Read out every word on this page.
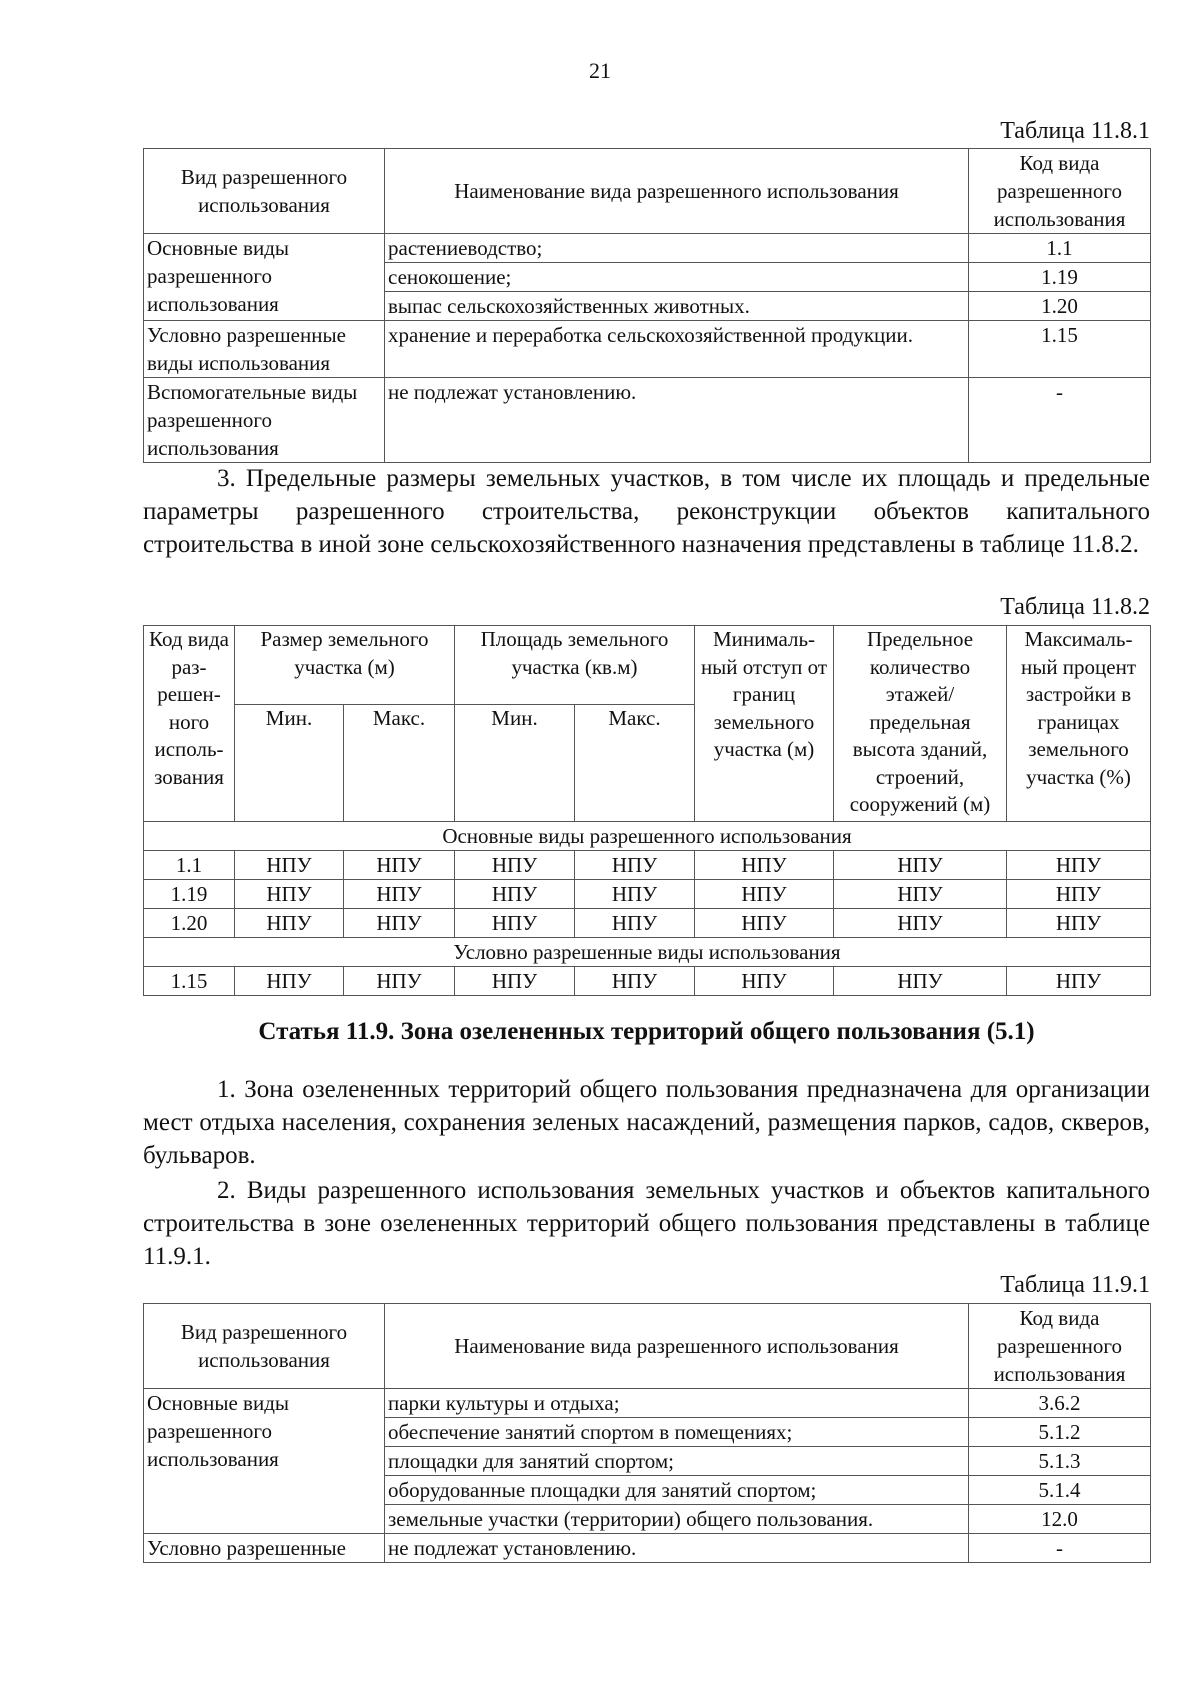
21
Таблица 11.8.1
Вид разрешенного использования	Наименование вида разрешенного использования	Код вида разрешенного использования
Основные виды разрешенного использования	растениеводство;	1.1
	сенокошение;	1.19
	выпас сельскохозяйственных животных.	1.20
Условно разрешенные виды использования	хранение и переработка сельскохозяйственной продукции.	1.15
Вспомогательные виды разрешенного использования	не подлежат установлению.	-

3. Предельные размеры земельных участков, в том числе их площадь и предельные параметры разрешенного строительства, реконструкции объектов капитального строительства в иной зоне сельскохозяйственного назначения представлены в таблице 11.8.2.

Таблица 11.8.2
Код вида раз-решен-ного исполь-зования	Размер земельного участка (м)		Площадь земельного участка (кв.м)		Минималь-ный отступ от границ земельного участка (м)	Предельное количество этажей/ предельная высота зданий, строений, сооружений (м)	Максималь-ный процент застройки в границах земельного участка (%)
	Мин.	Макс.	Мин.	Макс.			
Основные виды разрешенного использования							
1.1	НПУ	НПУ	НПУ	НПУ	НПУ	НПУ	НПУ
1.19	НПУ	НПУ	НПУ	НПУ	НПУ	НПУ	НПУ
1.20	НПУ	НПУ	НПУ	НПУ	НПУ	НПУ	НПУ
Условно разрешенные виды использования							
1.15	НПУ	НПУ	НПУ	НПУ	НПУ	НПУ	НПУ
Статья 11.9. Зона озелененных территорий общего пользования (5.1)

1. Зона озелененных территорий общего пользования предназначена для организации мест отдыха населения, сохранения зеленых насаждений, размещения парков, садов, скверов, бульваров.

2. Виды разрешенного использования земельных участков и объектов капитального строительства в зоне озелененных территорий общего пользования представлены в таблице 11.9.1.

Таблица 11.9.1
Вид разрешенного использования	Наименование вида разрешенного использования	Код вида разрешенного использования
Основные виды разрешенного использования	парки культуры и отдыха;	3.6.2
	обеспечение занятий спортом в помещениях;	5.1.2
	площадки для занятий спортом;	5.1.3
	оборудованные площадки для занятий спортом;	5.1.4
	земельные участки (территории) общего пользования.	12.0
Условно разрешенные	не подлежат установлению.	-
